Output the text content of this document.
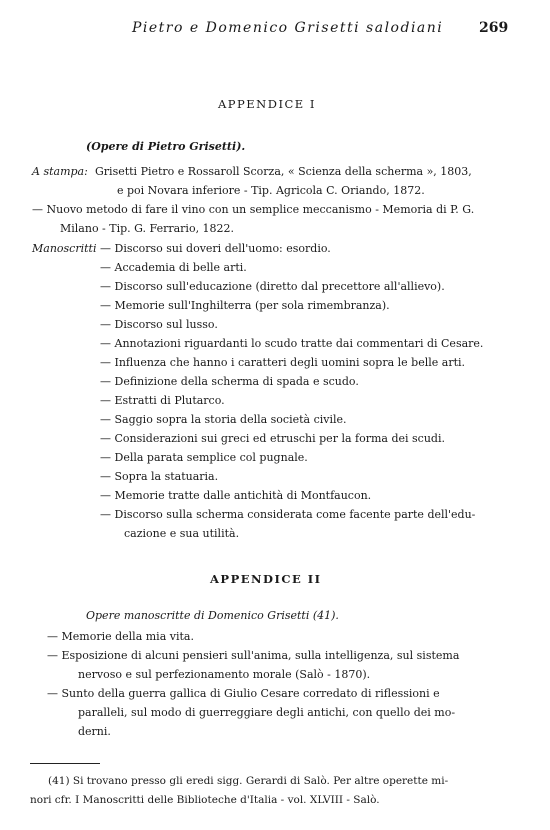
Pietro e Domenico Grisetti salodiani	269
APPENDICE I
(Opere di Pietro Grisetti).
A stampa: Grisetti Pietro e Rossaroll Scorza, « Scienza della scherma », 1803,
e poi Novara inferiore - Tip. Agricola C. Oriando, 1872.
— Nuovo metodo di fare il vino con un semplice meccanismo - Memoria di P. G.
Milano - Tip. G. Ferrario, 1822.
Manoscritti — Discorso sui doveri dell'uomo: esordio.
— Accademia di belle arti.
— Discorso sull'educazione (diretto dal precettore all'allievo).
— Memorie sull'Inghilterra (per sola rimembranza).
— Discorso sul lusso.
— Annotazioni riguardanti lo scudo tratte dai commentari di Cesare.
— Influenza che hanno i caratteri degli uomini sopra le belle arti.
— Definizione della scherma di spada e scudo.
— Estratti di Plutarco.
— Saggio sopra la storia della società civile.
— Considerazioni sui greci ed etruschi per la forma dei scudi.
— Della parata semplice col pugnale.
— Sopra la statuaria.
— Memorie tratte dalle antichità di Montfaucon.
— Discorso sulla scherma considerata come facente parte dell'edu-
cazione e sua utilità.
APPENDICE II
Opere manoscritte di Domenico Grisetti (41).
— Memorie della mia vita.
— Esposizione di alcuni pensieri sull'anima, sulla intelligenza, sul sistema
nervoso e sul perfezionamento morale (Salò - 1870).
— Sunto della guerra gallica di Giulio Cesare corredato di riflessioni e
paralleli, sul modo di guerreggiare degli antichi, con quello dei mo-
derni.
(41) Si trovano presso gli eredi sigg. Gerardi di Salò. Per altre operette mi-
nori cfr. I Manoscritti delle Biblioteche d'Italia - vol. XLVIII - Salò.
